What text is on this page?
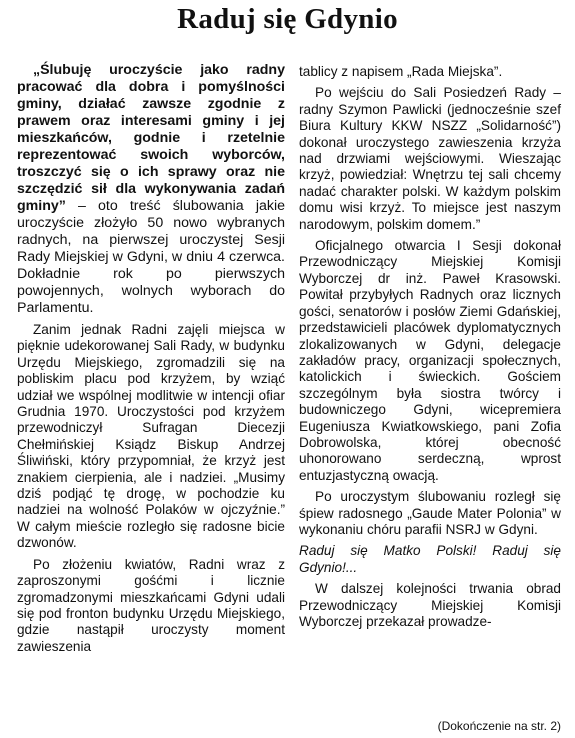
Raduj się Gdynio

„Ślubuję uroczyście jako radny pracować dla dobra i pomyślności gminy, działać zawsze zgodnie z prawem oraz interesami gminy i jej mieszkańców, godnie i rzetelnie reprezentować swoich wyborców, troszczyć się o ich sprawy oraz nie szczędzić sił dla wykonywania zadań gminy” – oto treść ślubowania jakie uroczyście złożyło 50 nowo wybranych radnych, na pierwszej uroczystej Sesji Rady Miejskiej w Gdyni, w dniu 4 czerwca. Dokładnie rok po pierwszych powojennych, wolnych wyborach do Parlamentu.

Zanim jednak Radni zajęli miejsca w pięknie udekorowanej Sali Rady, w budynku Urzędu Miejskiego, zgromadzili się na pobliskim placu pod krzyżem, by wziąć udział we wspólnej modlitwie w intencji ofiar Grudnia 1970. Uroczystości pod krzyżem przewodniczył Sufragan Diecezji Chełmińskiej Ksiądz Biskup Andrzej Śliwiński, który przypomniał, że krzyż jest znakiem cierpienia, ale i nadziei. „Musimy dziś podjąć tę drogę, w pochodzie ku nadziei na wolność Polaków w ojczyźnie.” W całym mieście rozległo się radosne bicie dzwonów.

Po złożeniu kwiatów, Radni wraz z zaproszonymi gośćmi i licznie zgromadzonymi mieszkańcami Gdyni udali się pod fronton budynku Urzędu Miejskiego, gdzie nastąpił uroczysty moment zawieszenia

tablicy z napisem „Rada Miejska”.

Po wejściu do Sali Posiedzeń Rady – radny Szymon Pawlicki (jednocześnie szef Biura Kultury KKW NSZZ „Solidarność”) dokonał uroczystego zawieszenia krzyża nad drzwiami wejściowymi. Wieszając krzyż, powiedział: Wnętrzu tej sali chcemy nadać charakter polski. W każdym polskim domu wisi krzyż. To miejsce jest naszym narodowym, polskim domem.”

Oficjalnego otwarcia I Sesji dokonał Przewodniczący Miejskiej Komisji Wyborczej dr inż. Paweł Krasowski. Powitał przybyłych Radnych oraz licznych gości, senatorów i posłów Ziemi Gdańskiej, przedstawicieli placówek dyplomatycznych zlokalizowanych w Gdyni, delegacje zakładów pracy, organizacji społecznych, katolickich i świeckich. Gościem szczególnym była siostra twórcy i budowniczego Gdyni, wicepremiera Eugeniusza Kwiatkowskiego, pani Zofia Dobrowolska, której obecność uhonorowano serdeczną, wprost entuzjastyczną owacją.

Po uroczystym ślubowaniu rozległ się śpiew radosnego „Gaude Mater Polonia” w wykonaniu chóru parafii NSRJ w Gdyni.

Raduj się Matko Polski! Raduj się Gdynio!...

W dalszej kolejności trwania obrad Przewodniczący Miejskiej Komisji Wyborczej przekazał prowadze-

(Dokończenie na str. 2)
